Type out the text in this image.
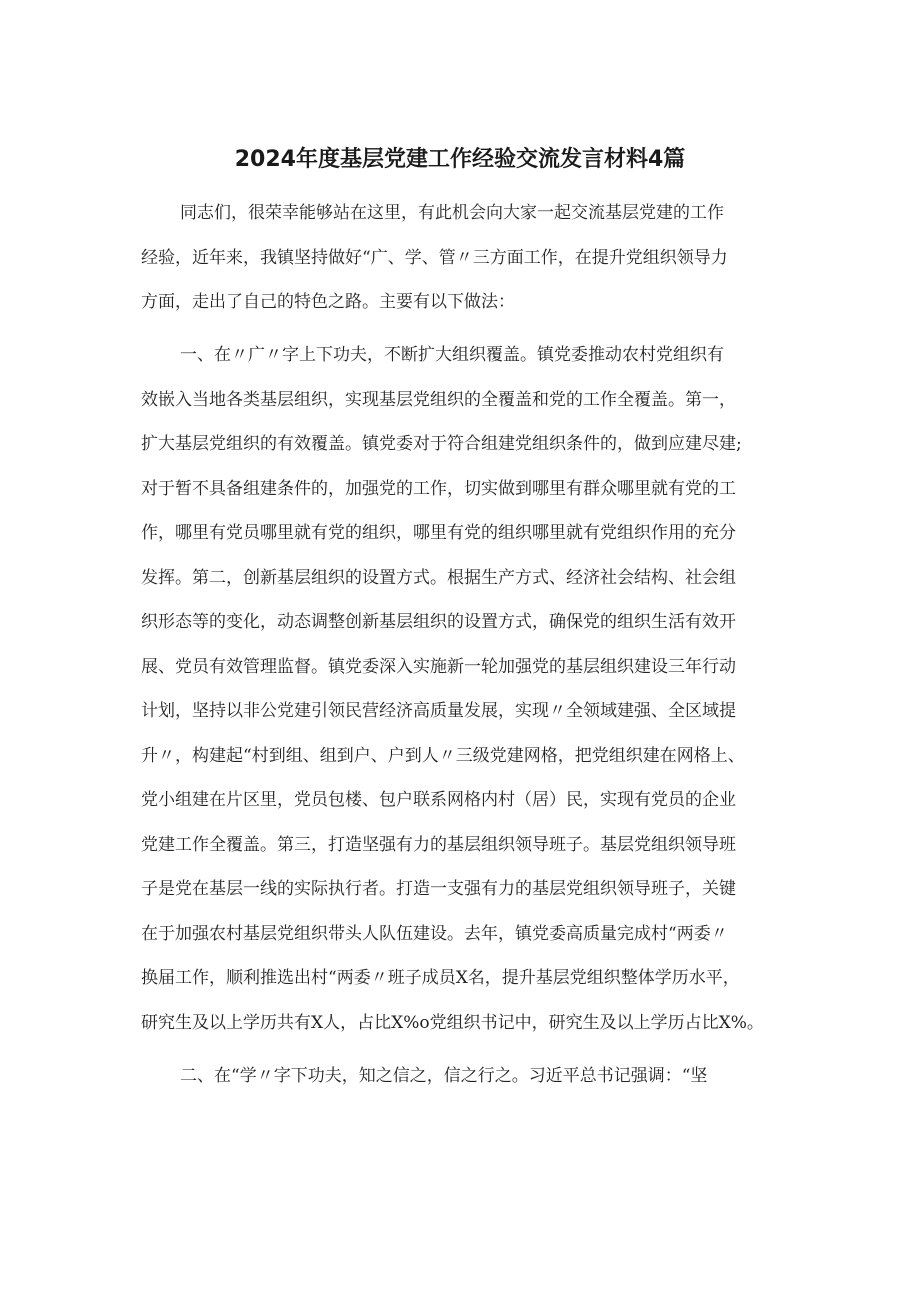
2024年度基层党建工作经验交流发言材料4篇
同志们，很荣幸能够站在这里，有此机会向大家一起交流基层党建的工作
经验，近年来，我镇坚持做好“广、学、管〃三方面工作，在提升党组织领导力
方面，走出了自己的特色之路。主要有以下做法：
一、在〃广〃字上下功夫，不断扩大组织覆盖。镇党委推动农村党组织有
效嵌入当地各类基层组织，实现基层党组织的全覆盖和党的工作全覆盖。第一，
扩大基层党组织的有效覆盖。镇党委对于符合组建党组织条件的，做到应建尽建;
对于暂不具备组建条件的，加强党的工作，切实做到哪里有群众哪里就有党的工
作，哪里有党员哪里就有党的组织，哪里有党的组织哪里就有党组织作用的充分
发挥。第二，创新基层组织的设置方式。根据生产方式、经济社会结构、社会组
织形态等的变化，动态调整创新基层组织的设置方式，确保党的组织生活有效开
展、党员有效管理监督。镇党委深入实施新一轮加强党的基层组织建设三年行动
计划，坚持以非公党建引领民营经济高质量发展，实现〃全领域建强、全区域提
升〃，构建起“村到组、组到户、户到人〃三级党建网格，把党组织建在网格上、
党小组建在片区里，党员包楼、包户联系网格内村（居）民，实现有党员的企业
党建工作全覆盖。第三，打造坚强有力的基层组织领导班子。基层党组织领导班
子是党在基层一线的实际执行者。打造一支强有力的基层党组织领导班子，关键
在于加强农村基层党组织带头人队伍建设。去年，镇党委高质量完成村“两委〃
换届工作，顺利推选出村“两委〃班子成员X名，提升基层党组织整体学历水平，
研究生及以上学历共有X人，占比X%o党组织书记中，研究生及以上学历占比X%。
二、在“学〃字下功夫，知之信之，信之行之。习近平总书记强调：“坚
